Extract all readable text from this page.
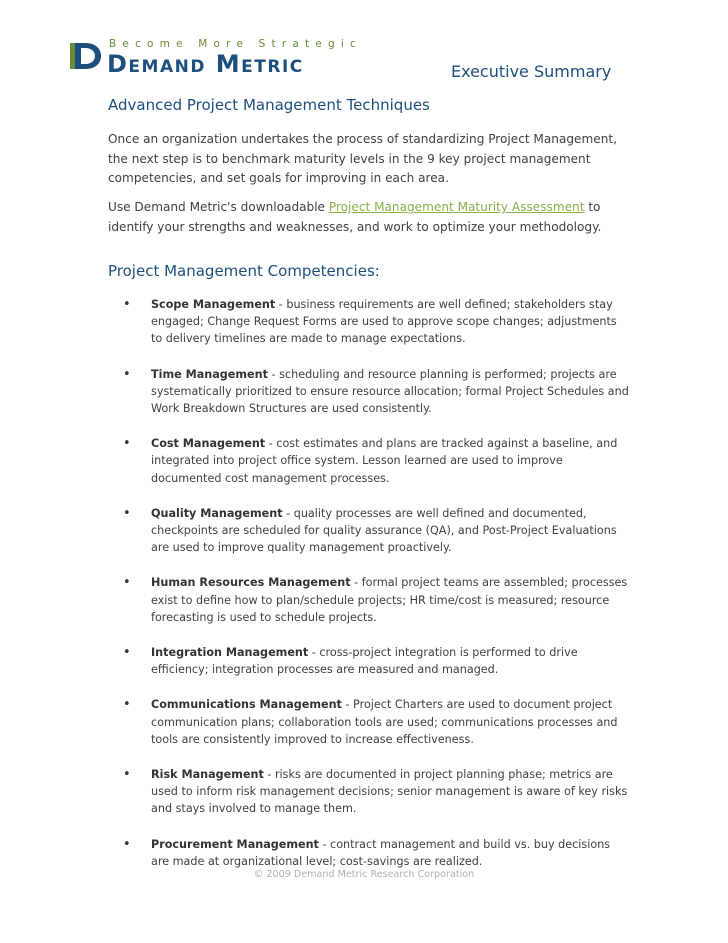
Become More Strategic
Demand Metric	Executive Summary
Advanced Project Management Techniques

Once an organization undertakes the process of standardizing Project Management, the next step is to benchmark maturity levels in the 9 key project management competencies, and set goals for improving in each area.

Use Demand Metric's downloadable Project Management Maturity Assessment to identify your strengths and weaknesses, and work to optimize your methodology.

Project Management Competencies:
• Scope Management - business requirements are well defined; stakeholders stay engaged; Change Request Forms are used to approve scope changes; adjustments to delivery timelines are made to manage expectations.
• Time Management - scheduling and resource planning is performed; projects are systematically prioritized to ensure resource allocation; formal Project Schedules and Work Breakdown Structures are used consistently.
• Cost Management - cost estimates and plans are tracked against a baseline, and integrated into project office system. Lesson learned are used to improve documented cost management processes.
• Quality Management - quality processes are well defined and documented, checkpoints are scheduled for quality assurance (QA), and Post-Project Evaluations are used to improve quality management proactively.
• Human Resources Management - formal project teams are assembled; processes exist to define how to plan/schedule projects; HR time/cost is measured; resource forecasting is used to schedule projects.
• Integration Management - cross-project integration is performed to drive efficiency; integration processes are measured and managed.
• Communications Management - Project Charters are used to document project communication plans; collaboration tools are used; communications processes and tools are consistently improved to increase effectiveness.
• Risk Management - risks are documented in project planning phase; metrics are used to inform risk management decisions; senior management is aware of key risks and stays involved to manage them.
• Procurement Management - contract management and build vs. buy decisions are made at organizational level; cost-savings are realized.
© 2009 Demand Metric Research Corporation
